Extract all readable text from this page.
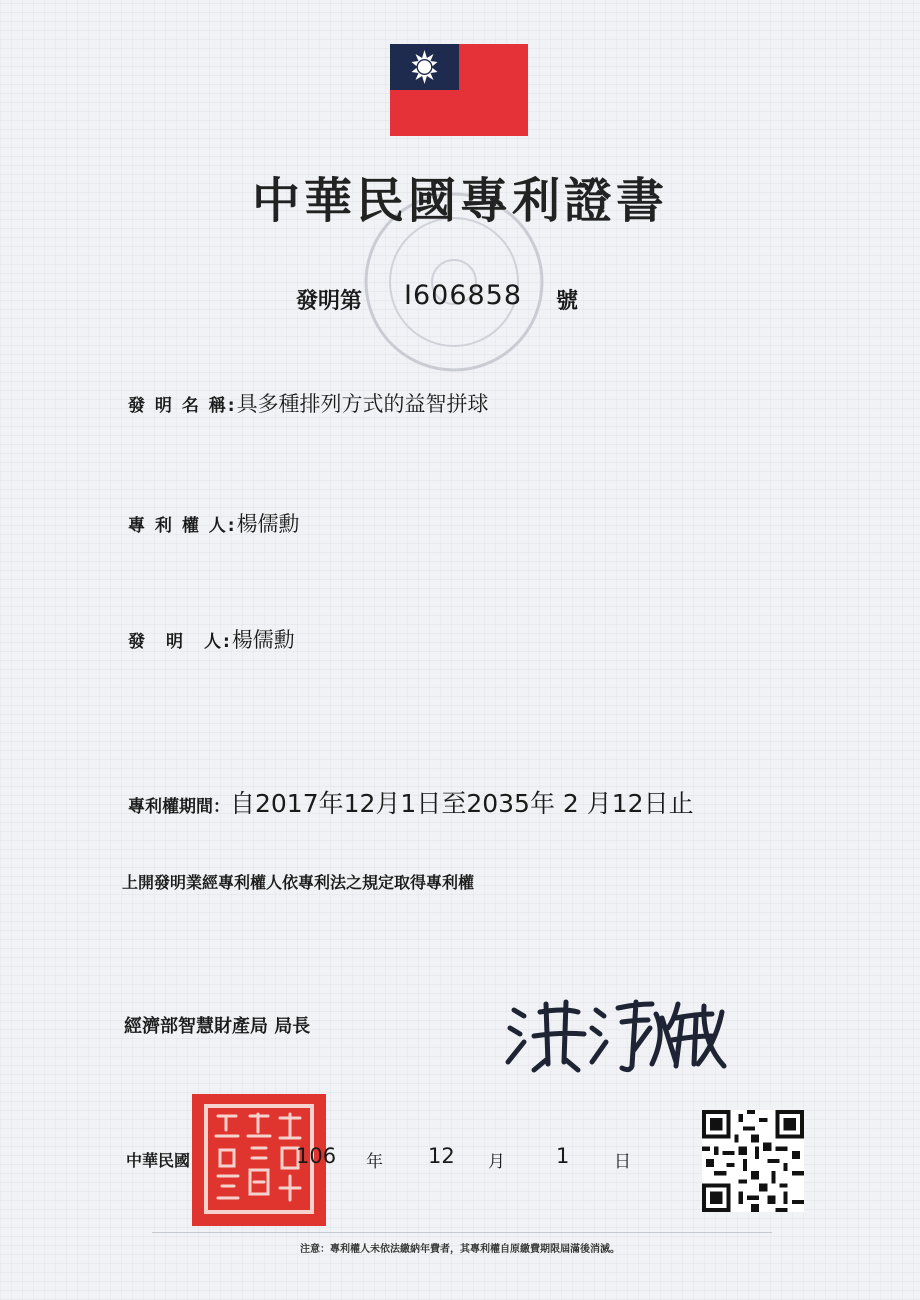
中華民國專利證書
發明第 I606858 號
發 明 名 稱:具多種排列方式的益智拼球
專 利 權 人:楊儒勳
發　明　人:楊儒勳
專利權期間：自2017年12月1日至2035年 2 月12日止
上開發明業經專利權人依專利法之規定取得專利權
經濟部智慧財產局 局長
中華民國	106 年 12 月 1	日
注意：專利權人未依法繳納年費者，其專利權自原繳費期限屆滿後消滅。
